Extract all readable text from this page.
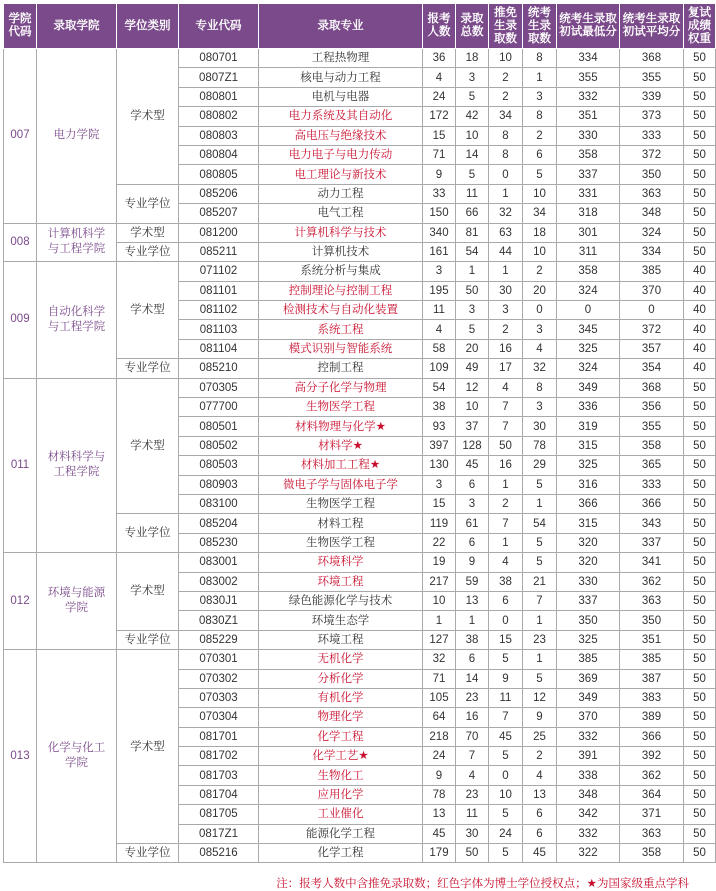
学院代码	录取学院	学位类别	专业代码	录取专业	报考人数	录取总数	推免生录取数	统考生录取数	统考生录取初试最低分	统考生录取初试平均分	复试成绩权重
007	电力学院	学术型	080701	工程热物理	36	18	10	8	334	368	50
			0807Z1	核电与动力工程	4	3	2	1	355	355	50
			080801	电机与电器	24	5	2	3	332	339	50
			080802	电力系统及其自动化	172	42	34	8	351	373	50
			080803	高电压与绝缘技术	15	10	8	2	330	333	50
			080804	电力电子与电力传动	71	14	8	6	358	372	50
			080805	电工理论与新技术	9	5	0	5	337	350	50
		专业学位	085206	动力工程	33	11	1	10	331	363	50
			085207	电气工程	150	66	32	34	318	348	50
008	计算机科学与工程学院	学术型	081200	计算机科学与技术	340	81	63	18	301	324	50
		专业学位	085211	计算机技术	161	54	44	10	311	334	50
009	自动化科学与工程学院	学术型	071102	系统分析与集成	3	1	1	2	358	385	40
			081101	控制理论与控制工程	195	50	30	20	324	370	40
			081102	检测技术与自动化装置	11	3	3	0	0	0	40
			081103	系统工程	4	5	2	3	345	372	40
			081104	模式识别与智能系统	58	20	16	4	325	357	40
		专业学位	085210	控制工程	109	49	17	32	324	354	40
011	材料科学与工程学院	学术型	070305	高分子化学与物理	54	12	4	8	349	368	50
			077700	生物医学工程	38	10	7	3	336	356	50
			080501	材料物理与化学★	93	37	7	30	319	355	50
			080502	材料学★	397	128	50	78	315	358	50
			080503	材料加工工程★	130	45	16	29	325	365	50
			080903	微电子学与固体电子学	3	6	1	5	316	333	50
			083100	生物医学工程	15	3	2	1	366	366	50
		专业学位	085204	材料工程	119	61	7	54	315	343	50
			085230	生物医学工程	22	6	1	5	320	337	50
012	环境与能源学院	学术型	083001	环境科学	19	9	4	5	320	341	50
			083002	环境工程	217	59	38	21	330	362	50
			0830J1	绿色能源化学与技术	10	13	6	7	337	363	50
			0830Z1	环境生态学	1	1	0	1	350	350	50
		专业学位	085229	环境工程	127	38	15	23	325	351	50
013	化学与化工学院	学术型	070301	无机化学	32	6	5	1	385	385	50
			070302	分析化学	71	14	9	5	369	387	50
			070303	有机化学	105	23	11	12	349	383	50
			070304	物理化学	64	16	7	9	370	389	50
			081701	化学工程	218	70	45	25	332	366	50
			081702	化学工艺★	24	7	5	2	391	392	50
			081703	生物化工	9	4	0	4	338	362	50
			081704	应用化学	78	23	10	13	348	364	50
			081705	工业催化	13	11	5	6	342	371	50
			0817Z1	能源化学工程	45	30	24	6	332	363	50
		专业学位	085216	化学工程	179	50	5	45	322	358	50
注：报考人数中含推免录取数；红色字体为博士学位授权点；★为国家级重点学科
